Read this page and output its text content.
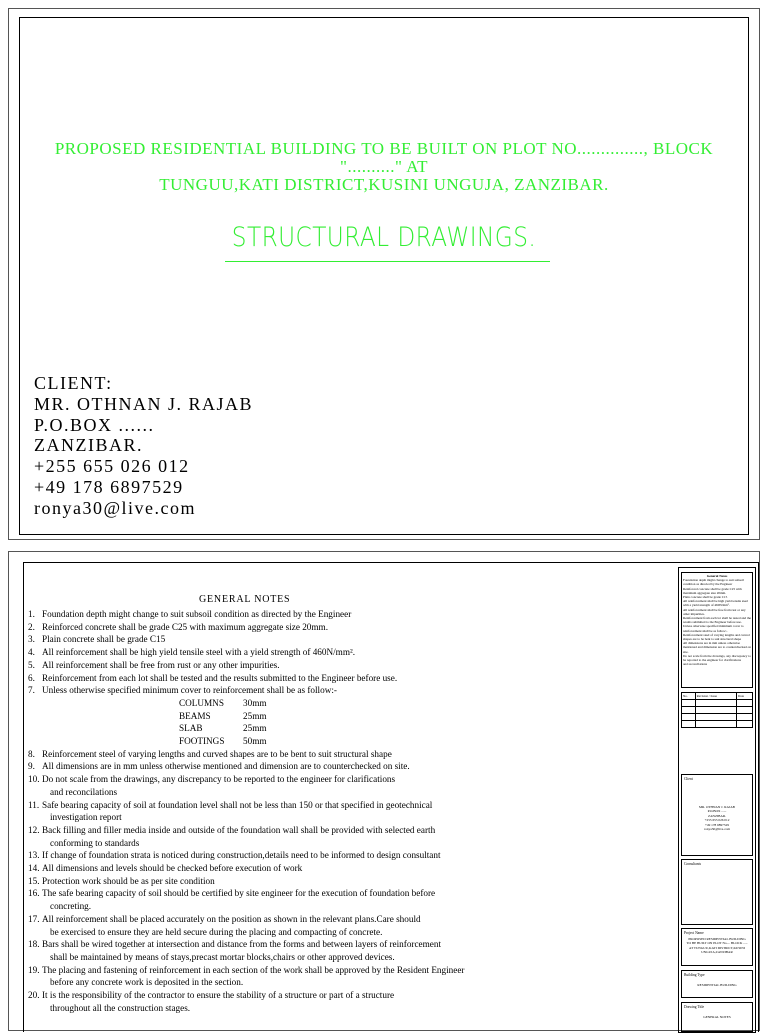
PROPOSED RESIDENTIAL BUILDING TO BE BUILT ON PLOT NO.............., BLOCK
".........." AT
TUNGUU,KATI DISTRICT,KUSINI UNGUJA, ZANZIBAR.
STRUCTURAL DRAWINGS.
CLIENT:
MR. OTHNAN J. RAJAB
P.O.BOX ......
ZANZIBAR.
+255 655 026 012
+49 178 6897529
ronya30@live.com
GENERAL NOTES
1. Foundation depth might change to suit subsoil condition as directed by the Engineer
2. Reinforced concrete shall be grade C25 with maximum aggregate size 20mm.
3. Plain concrete shall be grade C15
4. All reinforcement shall be high yield tensile steel with a yield strength of 460N/mm².
5. All reinforcement shall be free from rust or any other impurities.
6. Reinforcement from each lot shall be tested and the results submitted to the Engineer before use.
7. Unless otherwise specified minimum cover to reinforcement shall be as follow:-
COLUMNS 30mm
BEAMS	25mm
SLAB	25mm
FOOTINGS 50mm
8. Reinforcement steel of varying lengths and curved shapes are to be bent to suit structural shape
9. All dimensions are in mm unless otherwise mentioned and dimension are to counterchecked on site.
10. Do not scale from the drawings, any discrepancy to be reported to the engineer for clarifications
and reconcilations
11. Safe bearing capacity of soil at foundation level shall not be less than 150 or that specified in geotechnical
investigation report
12. Back filling and filler media inside and outside of the foundation wall shall be provided with selected earth
conforming to standards
13. If change of foundation strata is noticed during construction,details need to be informed to design consultant
14. All dimensions and levels should be checked before execution of work
15. Protection work should be as per site condition
16. The safe bearing capacity of soil should be certified by site engineer for the execution of foundation before
concreting.
17. All reinforcement shall be placed accurately on the position as shown in the relevant plans.Care should
be exercised to ensure they are held secure during the placing and compacting of concrete.
18. Bars shall be wired together at intersection and distance from the forms and between layers of reinforcement
shall be maintained by means of stays,precast mortar blocks,chairs or other approved devices.
19. The placing and fastening of reinforcement in each section of the work shall be approved by the Resident Engineer
before any concrete work is deposited in the section.
20. It is the responsibility of the contractor to ensure the stability of a structure or part of a structure
throughout all the construction stages.
General Notes
Foundation depth might change to suit subsoil condition as directed by the Engineer
Reinforced concrete shall be grade C25 with maximum aggregate size 20mm.
Plain concrete shall be grade C15
All reinforcement shall be high yield tensile steel with a yield strength of 460N/mm².
All reinforcement shall be free from rust or any other impurities.
Reinforcement from each lot shall be tested and the results submitted to the Engineer before use.
Unless otherwise specified minimum cover to reinforcement shall be as follow:-
Reinforcement steel of varying lengths and curved shapes are to be bent to suit structural shape
All dimensions are in mm unless otherwise mentioned and dimension are to counterchecked on site.
Do not scale from the drawings, any discrepancy to be reported to the engineer for clarifications
and reconcilations
No.	Revision / Issue	Date

Client
MR. OTHNAN J. RAJAB
P.O.BOX ......
ZANZIBAR.
+255 655 026 012
+49 178 6897529
ronya30@live.com
Consultants
Project Name
PROPOSED RESIDENTIAL BUILDING TO BE BUILT ON PLOT No.... BLOCK ..... AT TUNGUU,KATI DISTRICT,KUSINI UNGUJA,ZANZIBAR
Building Type
RESIDENTIAL BUILDING
Drawing Title
GENERAL NOTES
